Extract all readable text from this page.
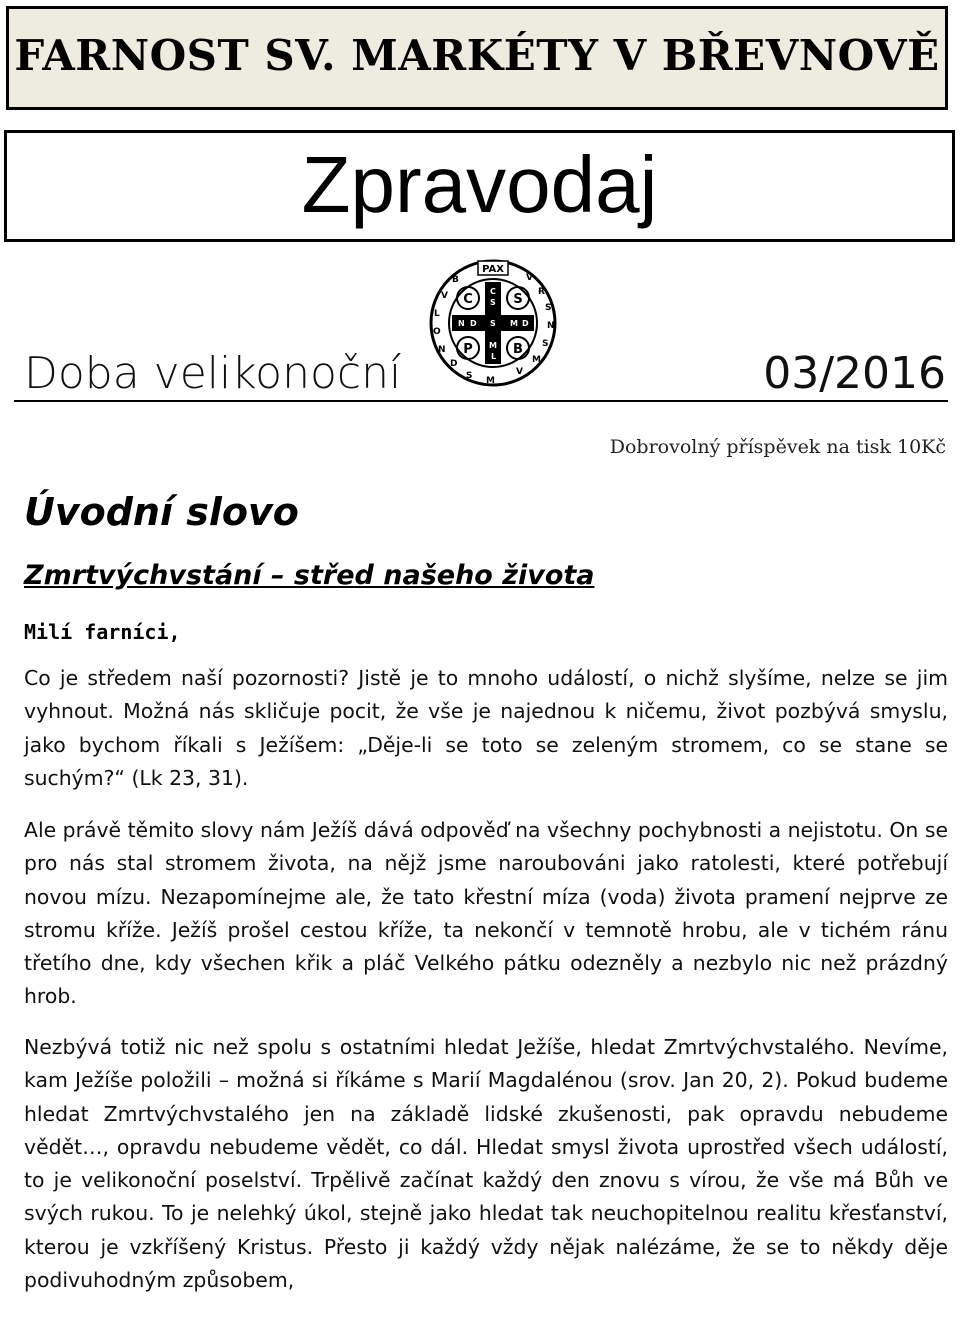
FARNOST SV. MARKÉTY V BŘEVNOVĚ
Zpravodaj
PAX
V
R
S
N
S
M
V
B
V
L
O
N
D
S M
C
S
S
M
L
N D	M D
C	S
P	B
Doba velikonoční	03/2016
Dobrovolný příspěvek na tisk 10Kč
Úvodní slovo
Zmrtvýchvstání – střed našeho života
Milí farníci,

Co je středem naší pozornosti? Jistě je to mnoho událostí, o nichž slyšíme, nelze se jim vyhnout. Možná nás skličuje pocit, že vše je najednou k ničemu, život pozbývá smyslu, jako bychom říkali s Ježíšem: „Děje-li se toto se zeleným stromem, co se stane se suchým?“ (Lk 23, 31).

Ale právě těmito slovy nám Ježíš dává odpověď na všechny pochybnosti a nejistotu. On se pro nás stal stromem života, na nějž jsme naroubováni jako ratolesti, které potřebují novou mízu. Nezapomínejme ale, že tato křestní míza (voda) života pramení nejprve ze stromu kříže. Ježíš prošel cestou kříže, ta nekončí v temnotě hrobu, ale v tichém ránu třetího dne, kdy všechen křik a pláč Velkého pátku odezněly a nezbylo nic než prázdný hrob.

Nezbývá totiž nic než spolu s ostatními hledat Ježíše, hledat Zmrtvýchvstalého. Nevíme, kam Ježíše položili – možná si říkáme s Marií Magdalénou (srov. Jan 20, 2). Pokud budeme hledat Zmrtvýchvstalého jen na základě lidské zkušenosti, pak opravdu nebudeme vědět…, opravdu nebudeme vědět, co dál. Hledat smysl života uprostřed všech událostí, to je velikonoční poselství. Trpělivě začínat každý den znovu s vírou, že vše má Bůh ve svých rukou. To je nelehký úkol, stejně jako hledat tak neuchopitelnou realitu křesťanství, kterou je vzkříšený Kristus. Přesto ji každý vždy nějak nalézáme, že se to někdy děje podivuhodným způsobem,
